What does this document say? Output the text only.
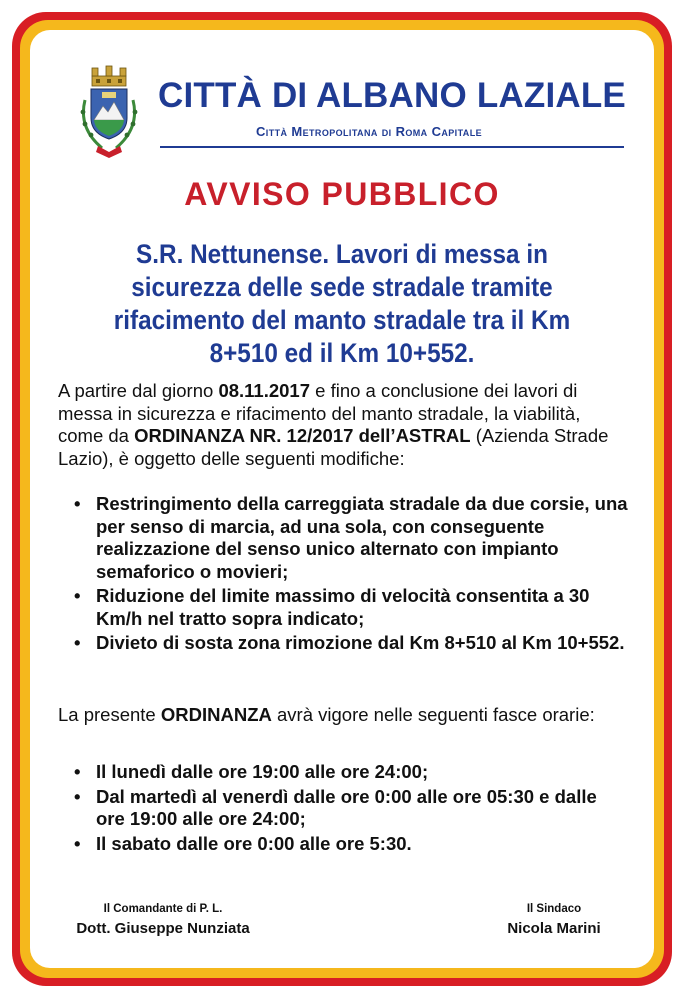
CITTÀ DI ALBANO LAZIALE
Città Metropolitana di Roma Capitale
AVVISO PUBBLICO
S.R. Nettunense. Lavori di messa in sicurezza delle sede stradale tramite rifacimento del manto stradale tra il Km 8+510 ed il Km 10+552.
A partire dal giorno 08.11.2017 e fino a conclusione dei lavori di messa in sicurezza e rifacimento del manto stradale, la viabilità, come da ORDINANZA NR. 12/2017 dell’ASTRAL (Azienda Strade Lazio), è oggetto delle seguenti modifiche:
• Restringimento della carreggiata stradale da due corsie, una per senso di marcia, ad una sola, con conseguente realizzazione del senso unico alternato con impianto semaforico o movieri;
• Riduzione del limite massimo di velocità consentita a 30 Km/h nel tratto sopra indicato;
• Divieto di sosta zona rimozione dal Km 8+510 al Km 10+552.
La presente ORDINANZA avrà vigore nelle seguenti fasce orarie:
• Il lunedì dalle ore 19:00 alle ore 24:00;
• Dal martedì al venerdì dalle ore 0:00 alle ore 05:30 e dalle ore 19:00 alle ore 24:00;
• Il sabato dalle ore 0:00 alle ore 5:30.
Il Comandante di P. L.
Dott. Giuseppe Nunziata
Il Sindaco
Nicola Marini
